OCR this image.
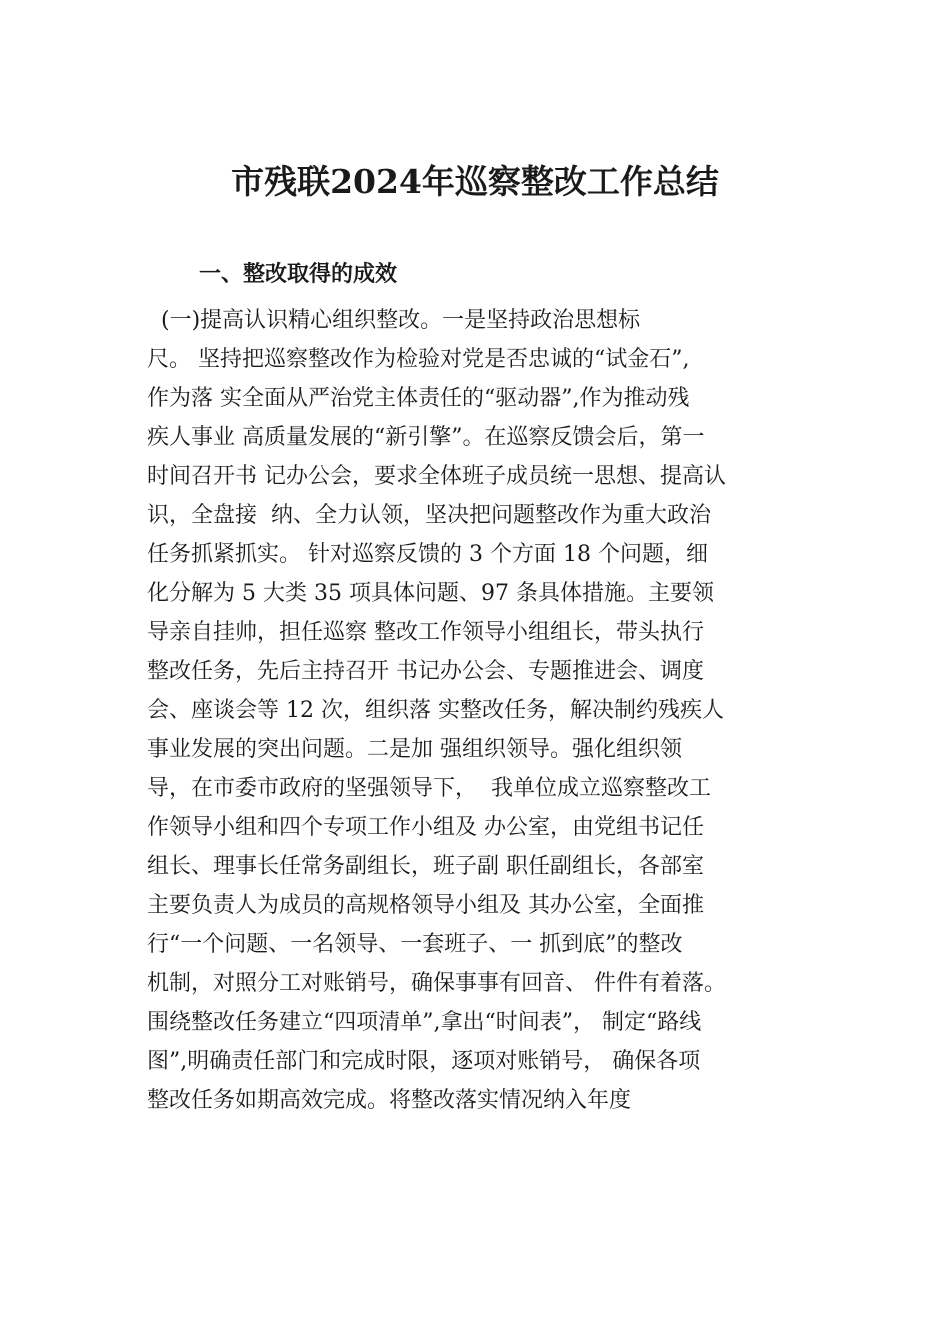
市残联2024年巡察整改工作总结
一、整改取得的成效
(一)提高认识精心组织整改。一是坚持政治思想标
尺。 坚持把巡察整改作为检验对党是否忠诚的“试金石”,
作为落 实全面从严治党主体责任的“驱动器”,作为推动残
疾人事业 高质量发展的“新引擎”。在巡察反馈会后，第一
时间召开书 记办公会，要求全体班子成员统一思想、提高认
识，全盘接  纳、全力认领，坚决把问题整改作为重大政治
任务抓紧抓实。 针对巡察反馈的 3 个方面 18 个问题，细
化分解为 5 大类 35 项具体问题、97 条具体措施。主要领
导亲自挂帅，担任巡察 整改工作领导小组组长，带头执行
整改任务，先后主持召开 书记办公会、专题推进会、调度
会、座谈会等 12 次，组织落 实整改任务，解决制约残疾人
事业发展的突出问题。二是加 强组织领导。强化组织领
导，在市委市政府的坚强领导下，  我单位成立巡察整改工
作领导小组和四个专项工作小组及 办公室，由党组书记任
组长、理事长任常务副组长，班子副 职任副组长，各部室
主要负责人为成员的高规格领导小组及 其办公室，全面推
行“一个问题、一名领导、一套班子、一 抓到底”的整改
机制，对照分工对账销号，确保事事有回音、 件件有着落。
围绕整改任务建立“四项清单”,拿出“时间表”， 制定“路线
图”,明确责任部门和完成时限，逐项对账销号， 确保各项
整改任务如期高效完成。将整改落实情况纳入年度
